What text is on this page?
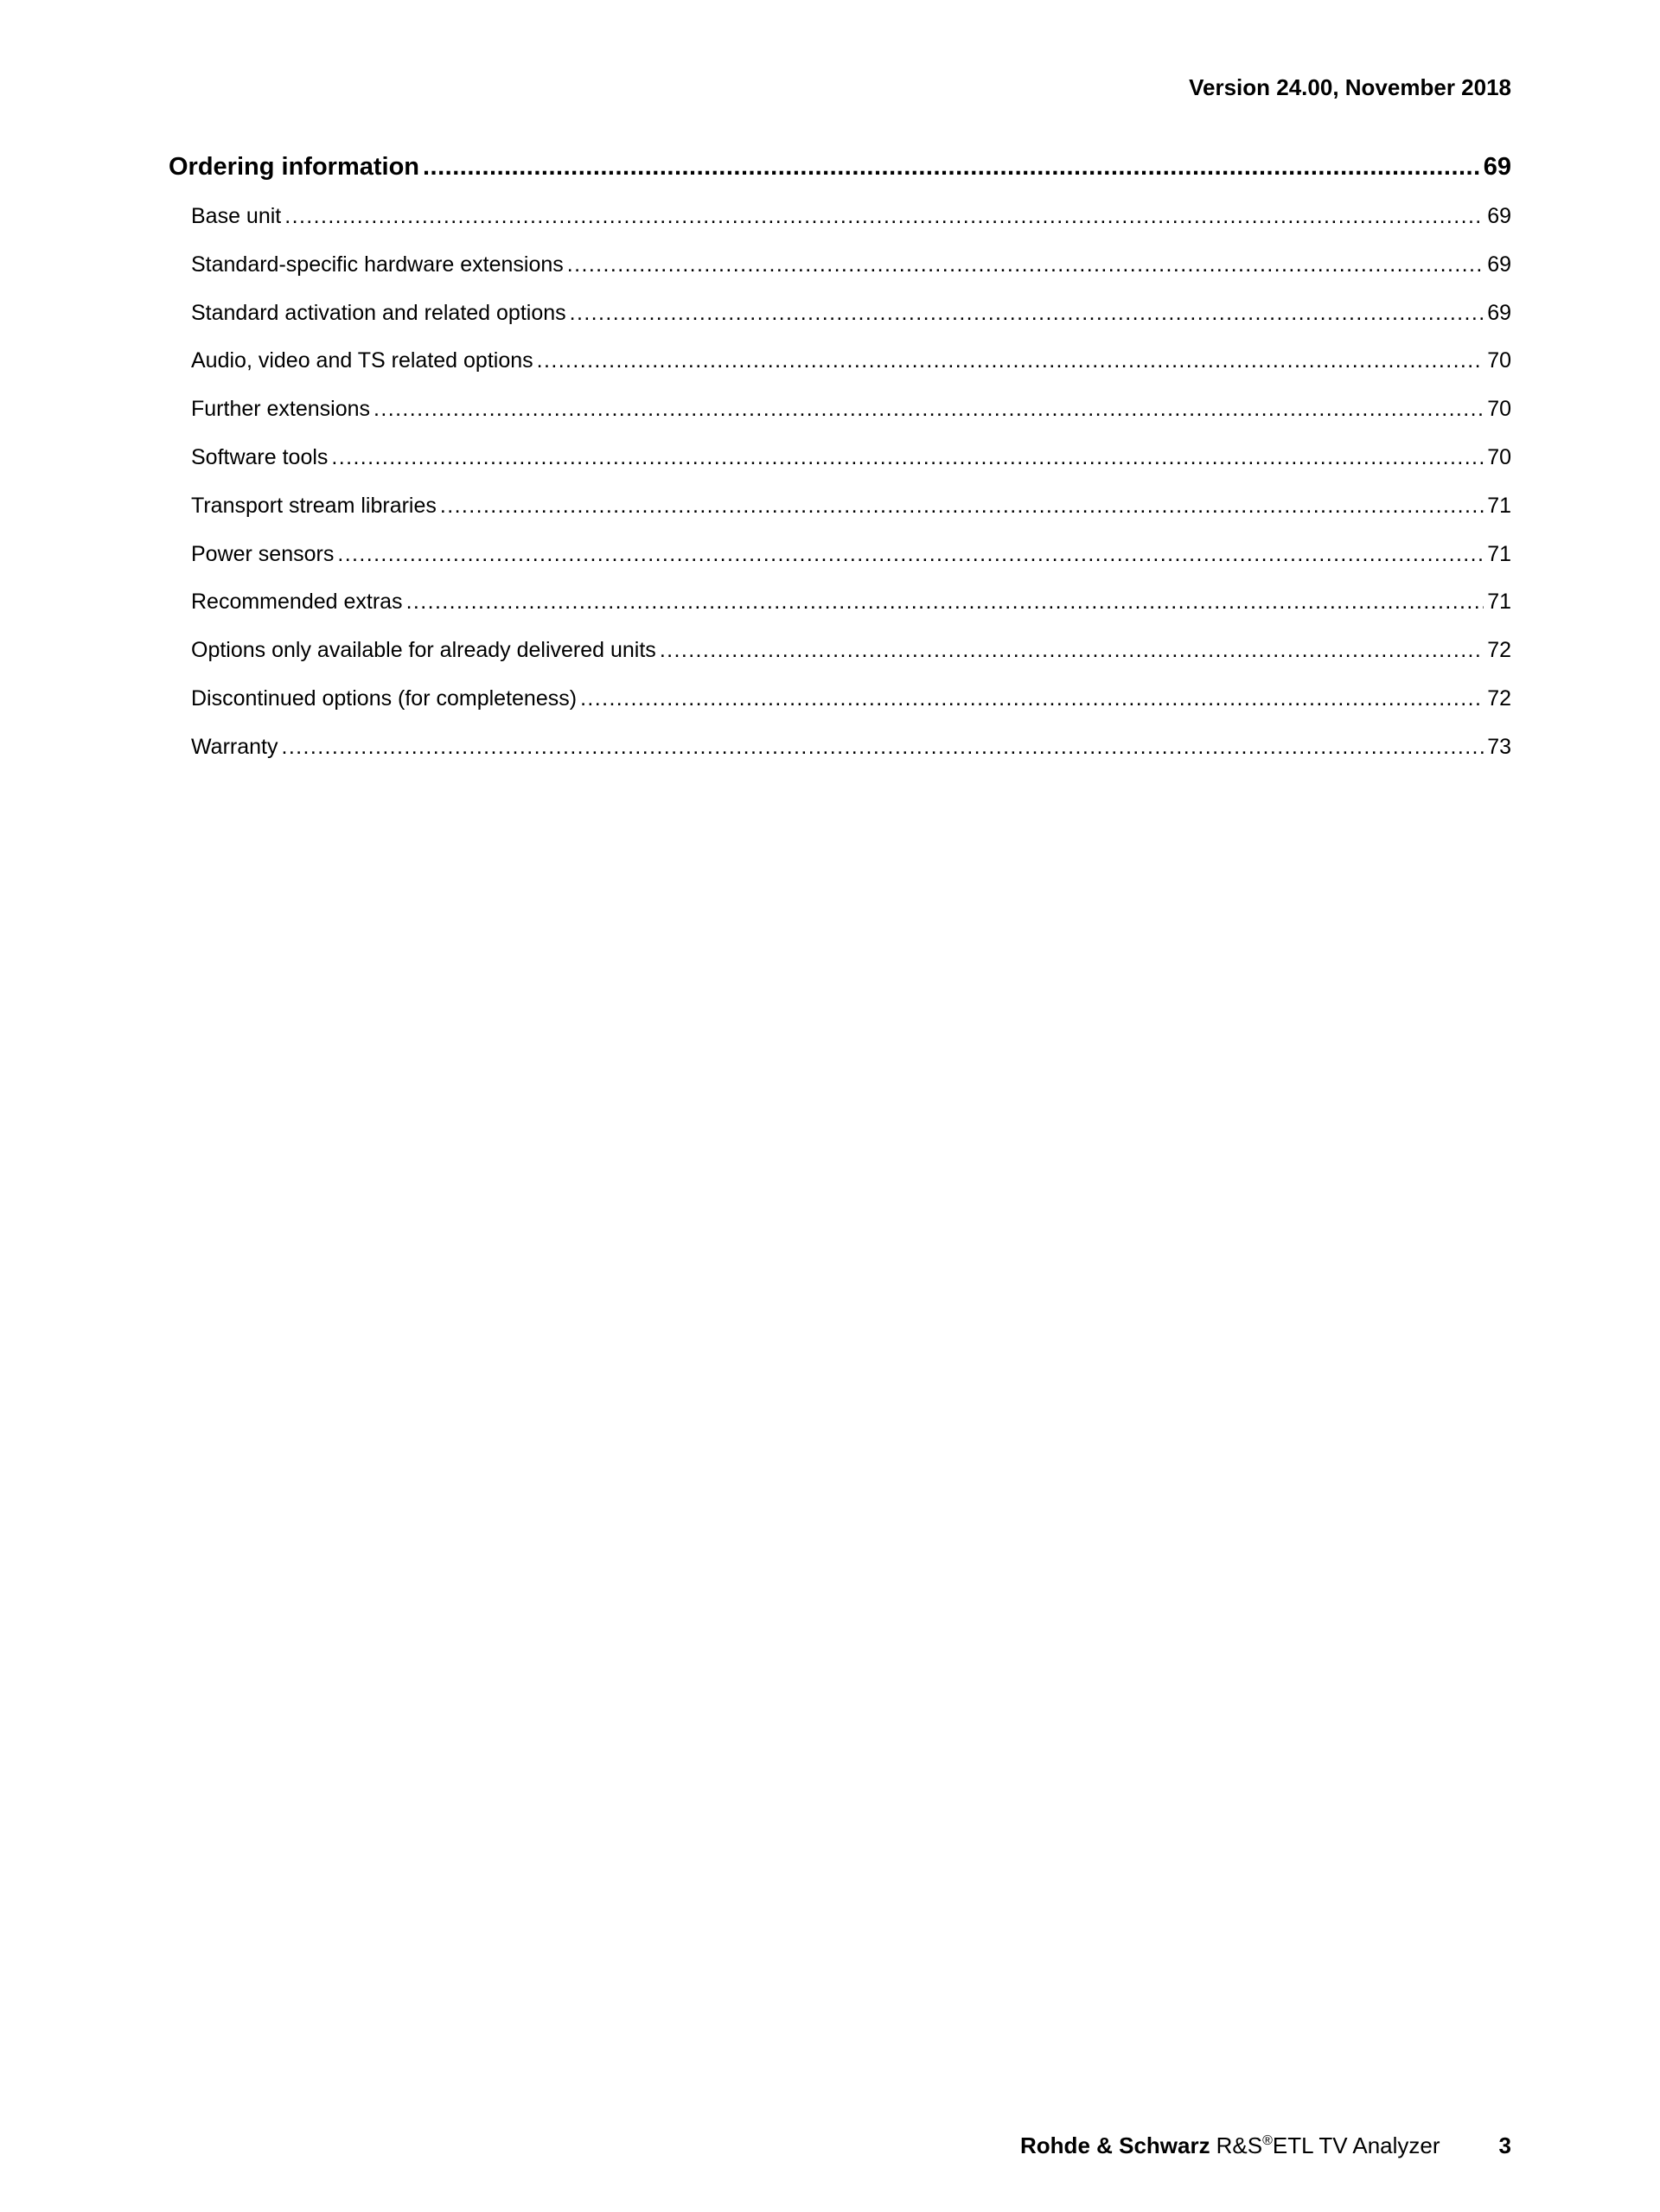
Version 24.00, November 2018
Ordering information .....	69
Base unit .....	69
Standard-specific hardware extensions .....	69
Standard activation and related options .....	69
Audio, video and TS related options .....	70
Further extensions .....	70
Software tools .....	70
Transport stream libraries .....	71
Power sensors .....	71
Recommended extras .....	71
Options only available for already delivered units .....	72
Discontinued options (for completeness) .....	72
Warranty .....	73
Rohde & Schwarz R&S®ETL TV Analyzer	3
